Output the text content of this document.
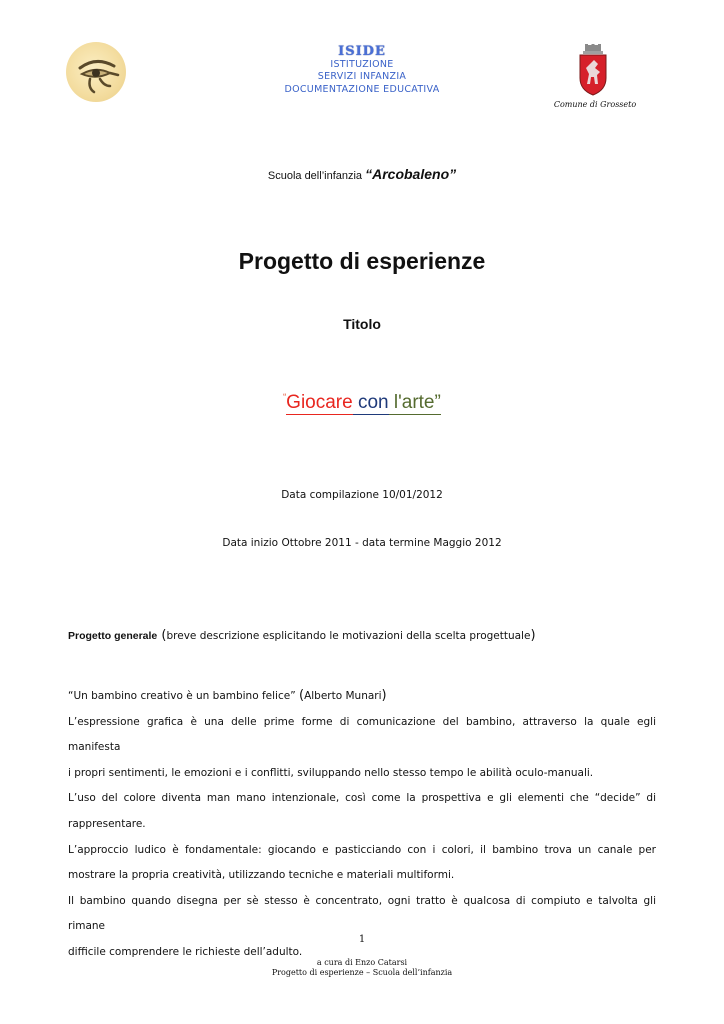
ISIDE
ISTITUZIONE
SERVIZI INFANZIA
DOCUMENTAZIONE EDUCATIVA
Comune di Grosseto
Scuola dell’infanzia “Arcobaleno”
Progetto di esperienze
Titolo
“Giocare con l'arte”
Data compilazione 10/01/2012
Data inizio Ottobre 2011 - data termine Maggio 2012
Progetto generale (breve descrizione esplicitando le motivazioni della scelta progettuale)

“Un bambino creativo è un bambino felice” (Alberto Munari)

L’espressione grafica è una delle prime forme di comunicazione del bambino, attraverso la quale egli manifesta

i propri sentimenti, le emozioni e i conflitti, sviluppando nello stesso tempo le abilità oculo-manuali.

L’uso del colore diventa man mano intenzionale, così come la prospettiva e gli elementi che “decide” di

rappresentare.

L’approccio ludico è fondamentale: giocando e pasticciando con i colori, il bambino trova un canale per

mostrare la propria creatività, utilizzando tecniche e materiali multiformi.

Il bambino quando disegna per sè stesso è concentrato, ogni tratto è qualcosa di compiuto e talvolta gli rimane

difficile comprendere le richieste dell’adulto.

1
a cura di Enzo Catarsi
Progetto di esperienze – Scuola dell’infanzia
